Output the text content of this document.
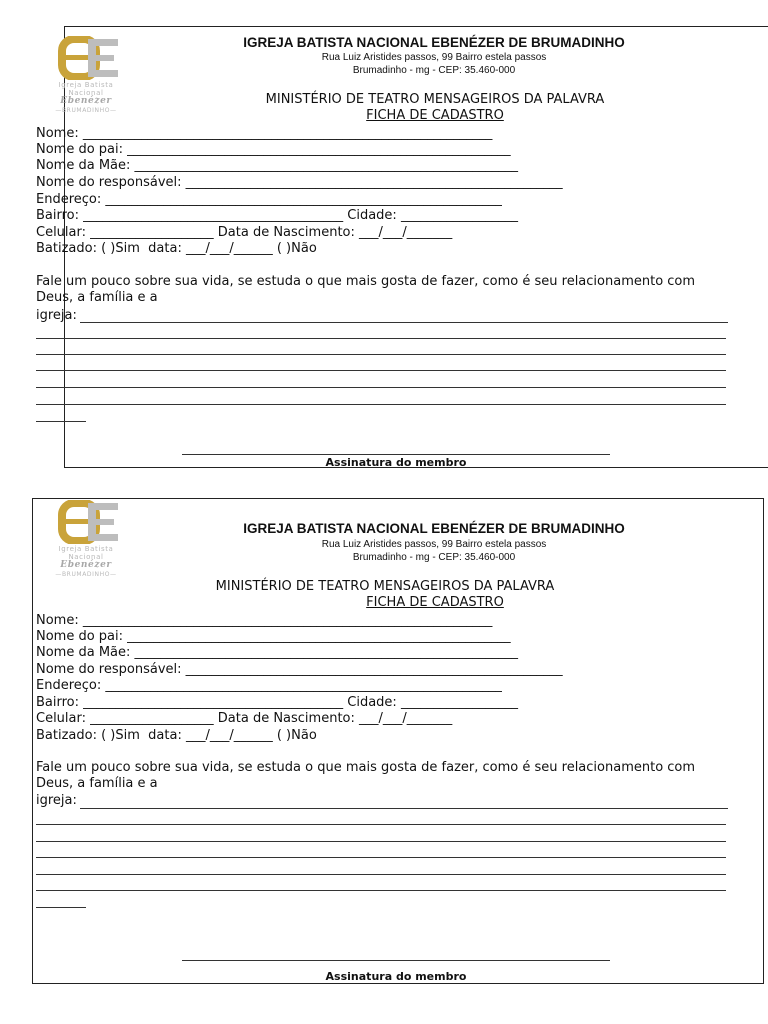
Igreja Batista
Nacional
Ebenézer
—BRUMADINHO—
IGREJA BATISTA NACIONAL EBENÉZER DE BRUMADINHO
Rua Luiz Aristides passos, 99 Bairro estela passos
Brumadinho - mg - CEP: 35.460-000
MINISTÉRIO DE TEATRO MENSAGEIROS DA PALAVRA
FICHA DE CADASTRO
Nome: _______________________________________________________________
Nome do pai: ___________________________________________________________
Nome da Mãe: ___________________________________________________________
Nome do responsável: __________________________________________________________
Endereço: _____________________________________________________________
Bairro: ________________________________________ Cidade: __________________
Celular: ___________________ Data de Nascimento: ___/___/_______
Batizado: ( )Sim  data: ___/___/______ ( )Não
Fale um pouco sobre sua vida, se estuda o que mais gosta de fazer, como é seu relacionamento com Deus, a família e a
igreja:
Assinatura do membro
Igreja Batista
Nacional
Ebenézer
—BRUMADINHO—
IGREJA BATISTA NACIONAL EBENÉZER DE BRUMADINHO
Rua Luiz Aristides passos, 99 Bairro estela passos
Brumadinho - mg - CEP: 35.460-000
MINISTÉRIO DE TEATRO MENSAGEIROS DA PALAVRA
FICHA DE CADASTRO
Nome: _______________________________________________________________
Nome do pai: ___________________________________________________________
Nome da Mãe: ___________________________________________________________
Nome do responsável: __________________________________________________________
Endereço: _____________________________________________________________
Bairro: ________________________________________ Cidade: __________________
Celular: ___________________ Data de Nascimento: ___/___/_______
Batizado: ( )Sim  data: ___/___/______ ( )Não
Fale um pouco sobre sua vida, se estuda o que mais gosta de fazer, como é seu relacionamento com Deus, a família e a
igreja:
Assinatura do membro
